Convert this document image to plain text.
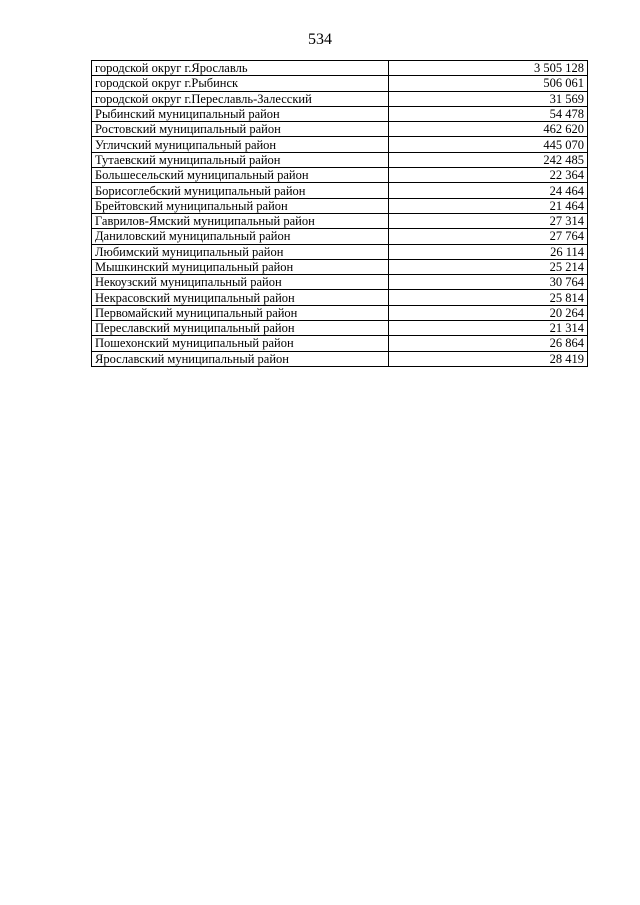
534
городской округ г.Ярославль	3 505 128
городской округ г.Рыбинск	506 061
городской округ г.Переславль-Залесский	31 569
Рыбинский муниципальный район	54 478
Ростовский муниципальный район	462 620
Угличский муниципальный район	445 070
Тутаевский муниципальный район	242 485
Большесельский муниципальный район	22 364
Борисоглебский муниципальный район	24 464
Брейтовский муниципальный район	21 464
Гаврилов-Ямский муниципальный район	27 314
Даниловский муниципальный район	27 764
Любимский муниципальный район	26 114
Мышкинский муниципальный район	25 214
Некоузский муниципальный район	30 764
Некрасовский муниципальный район	25 814
Первомайский муниципальный район	20 264
Переславский муниципальный район	21 314
Пошехонский муниципальный район	26 864
Ярославский муниципальный район	28 419
